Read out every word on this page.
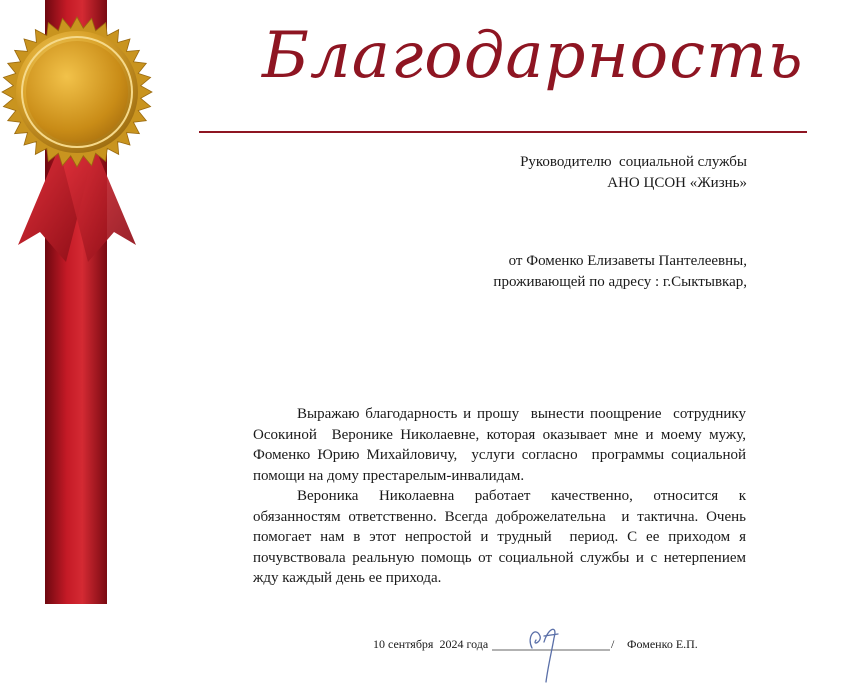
Благодарность
Руководителю  социальной службы
АНО ЦСОН «Жизнь»
от Фоменко Елизаветы Пантелеевны,
проживающей по адресу : г.Сыктывкар,

Выражаю благодарность и прошу  вынести поощрение  сотруднику Осокиной  Веронике Николаевне, которая оказывает мне и моему мужу, Фоменко Юрию Михайловичу,  услуги согласно  программы социальной помощи на дому престарелым-инвалидам.

Вероника Николаевна работает качественно, относится к обязанностям ответственно. Всегда доброжелательна  и тактична. Очень помогает нам в этот непростой и трудный  период. С ее приходом я почувствовала реальную помощь от социальной службы и с нетерпением жду каждый день ее прихода.

10 сентября  2024 года	/ Фоменко Е.П.
